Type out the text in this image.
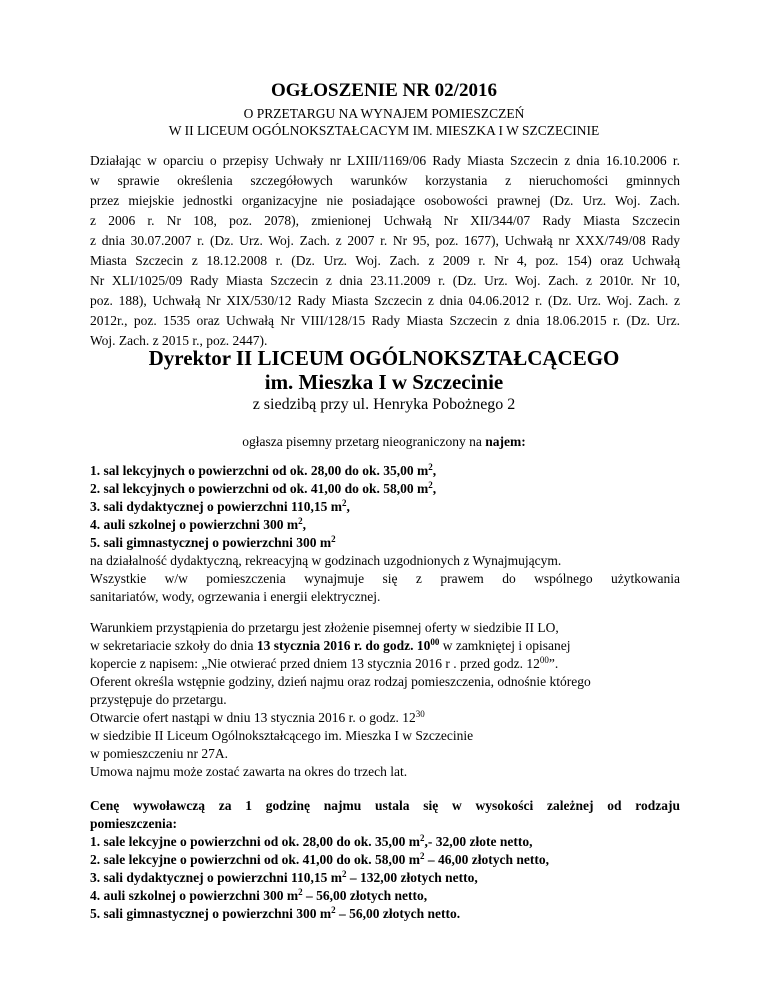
OGŁOSZENIE NR 02/2016
O PRZETARGU NA WYNAJEM POMIESZCZEŃ
W II LICEUM OGÓLNOKSZTAŁCACYM IM. MIESZKA I W SZCZECINIE
Działając w oparciu o przepisy Uchwały nr LXIII/1169/06 Rady Miasta Szczecin z dnia 16.10.2006 r.
w sprawie określenia szczegółowych warunków korzystania z nieruchomości gminnych
przez miejskie jednostki organizacyjne nie posiadające osobowości prawnej (Dz. Urz. Woj. Zach.
z 2006 r. Nr 108, poz. 2078), zmienionej Uchwałą Nr XII/344/07 Rady Miasta Szczecin
z dnia 30.07.2007 r. (Dz. Urz. Woj. Zach. z 2007 r. Nr 95, poz. 1677), Uchwałą nr XXX/749/08 Rady
Miasta Szczecin z 18.12.2008 r. (Dz. Urz. Woj. Zach. z 2009 r. Nr 4, poz. 154) oraz Uchwałą
Nr XLI/1025/09 Rady Miasta Szczecin z dnia 23.11.2009 r. (Dz. Urz. Woj. Zach. z 2010r. Nr 10,
poz. 188), Uchwałą Nr XIX/530/12 Rady Miasta Szczecin z dnia 04.06.2012 r. (Dz. Urz. Woj. Zach. z
2012r., poz. 1535 oraz Uchwałą Nr VIII/128/15 Rady Miasta Szczecin z dnia 18.06.2015 r. (Dz. Urz.
Woj. Zach. z 2015 r., poz. 2447).
Dyrektor II LICEUM OGÓLNOKSZTAŁCĄCEGO
im. Mieszka I w Szczecinie
z siedzibą przy ul. Henryka Pobożnego 2
ogłasza pisemny przetarg nieograniczony na najem:
1. sal lekcyjnych o powierzchni od ok. 28,00 do ok. 35,00 $m^2$,
2. sal lekcyjnych o powierzchni od ok. 41,00 do ok. 58,00 $m^2$,
3. sali dydaktycznej o powierzchni 110,15 $m^2$,
4. auli szkolnej o powierzchni 300 $m^2$,
5. sali gimnastycznej o powierzchni 300 $m^2$
na działalność dydaktyczną, rekreacyjną w godzinach uzgodnionych z Wynajmującym.
Wszystkie w/w pomieszczenia wynajmuje się z prawem do wspólnego użytkowania
sanitariatów, wody, ogrzewania i energii elektrycznej.
Warunkiem przystąpienia do przetargu jest złożenie pisemnej oferty w siedzibie II LO,
w sekretariacie szkoły do dnia 13 stycznia 2016 r. do godz. $10^{00}$ w zamkniętej i opisanej
kopercie z napisem: „Nie otwierać przed dniem 13 stycznia 2016 r . przed godz. $12^{00}$”.
Oferent określa wstępnie godziny, dzień najmu oraz rodzaj pomieszczenia, odnośnie którego
przystępuje do przetargu.
Otwarcie ofert nastąpi w dniu 13 stycznia 2016 r. o godz. $12^{30}$
w siedzibie II Liceum Ogólnokształcącego im. Mieszka I w Szczecinie
w pomieszczeniu nr 27A.
Umowa najmu może zostać zawarta na okres do trzech lat.
Cenę wywoławczą za 1 godzinę najmu ustala się w wysokości zależnej od rodzaju
pomieszczenia:
1. sale lekcyjne o powierzchni od ok. 28,00 do ok. 35,00 $m^2,-$ 32,00 złote netto,
2. sale lekcyjne o powierzchni od ok. 41,00 do ok. 58,00 $m^2 - 46,00$ złotych netto,
3. sali dydaktycznej o powierzchni 110,15 $m^2 - 132,00$ złotych netto,
4. auli szkolnej o powierzchni 300 $m^2 - 56,00$ złotych netto,
5. sali gimnastycznej o powierzchni 300 $m^2 - 56,00$ złotych netto.
